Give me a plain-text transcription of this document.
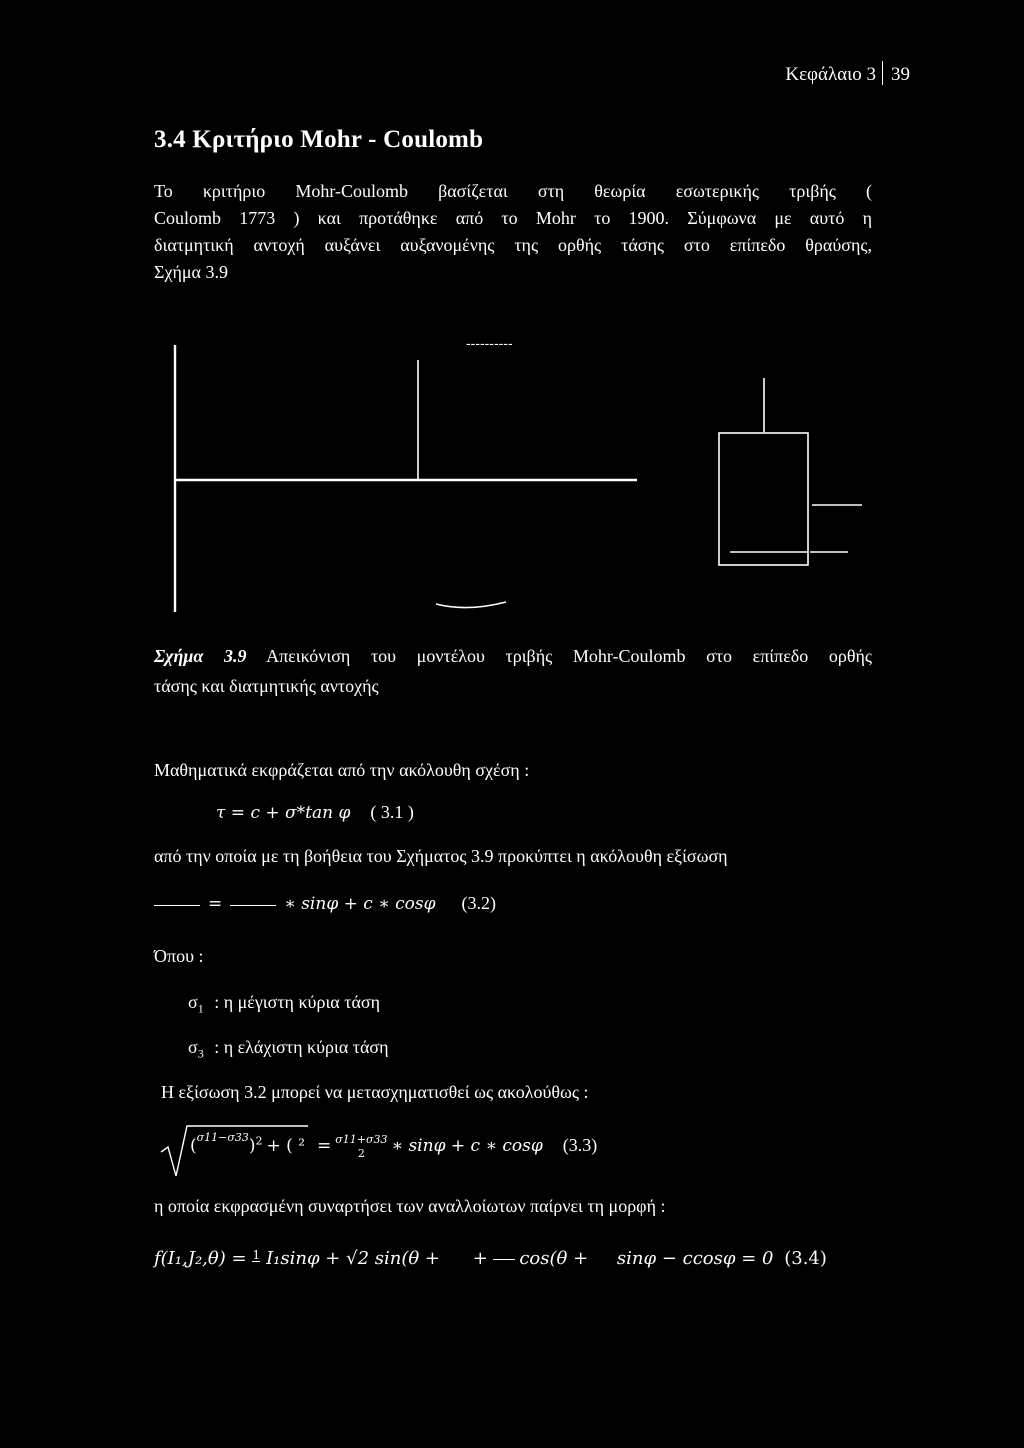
Κεφάλαιο 3 39
3.4 Κριτήριο Mohr - Coulomb

Το κριτήριο Mohr-Coulomb βασίζεται στη θεωρία εσωτερικής τριβής (

Coulomb 1773 ) και προτάθηκε από το Mohr το 1900. Σύμφωνα με αυτό η

διατμητική αντοχή αυξάνει αυξανομένης της ορθής τάσης στο επίπεδο θραύσης,

Σχήμα 3.9

----------

Σχήμα 3.9 Απεικόνιση του μοντέλου τριβής Mohr-Coulomb στο επίπεδο ορθής

τάσης και διατμητικής αντοχής

Μαθηματικά εκφράζεται από την ακόλουθη σχέση :
τ = c + σ*tan φ ( 3.1 )
από την οποία με τη βοήθεια του Σχήματος 3.9 προκύπτει η ακόλουθη εξίσωση
=	∗ sinφ + c ∗ cosφ (3.2)
Όπου :
$\sigma_1$ : η μέγιστη κύρια τάση
$\sigma_3$ : η ελάχιστη κύρια τάση
Η εξίσωση 3.2 μπορεί να μετασχηματισθεί ως ακολούθως :
$(^{\sigma 11-\sigma 33})^2$ + ( ² = σ11+σ33
2	∗ sinφ + c ∗ cosφ (3.3)
η οποία εκφρασμένη συναρτήσει των αναλλοίωτων παίρνει τη μορφή :
f(I₁,J₂,θ) = 1 I₁sinφ + √2 sin(θ + + cos(θ + sinφ − ccosφ = 0 (3.4)
